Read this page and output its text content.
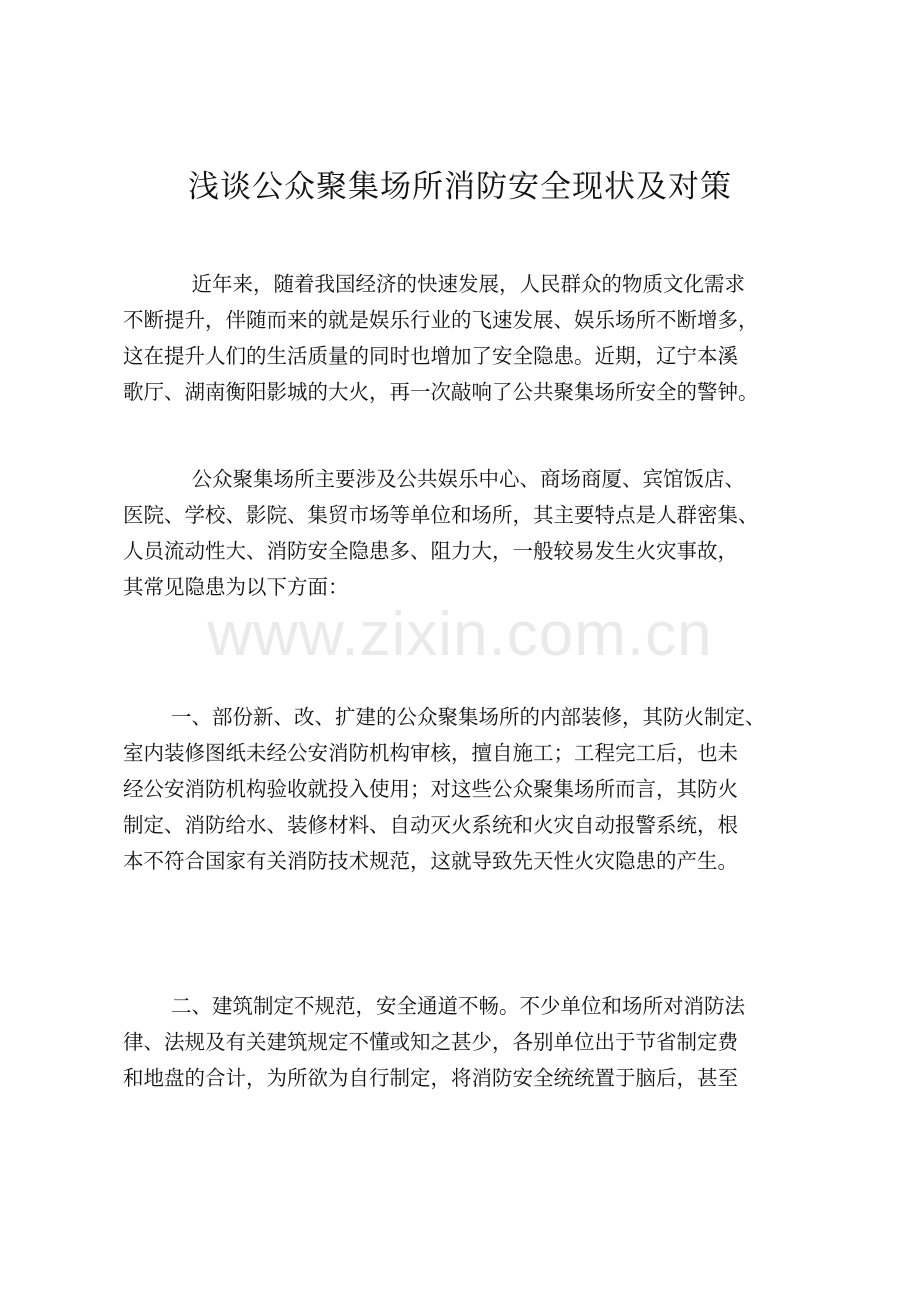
浅谈公众聚集场所消防安全现状及对策
　近年来，随着我国经济的快速发展，人民群众的物质文化需求
不断提升，伴随而来的就是娱乐行业的飞速发展、娱乐场所不断增多，
这在提升人们的生活质量的同时也增加了安全隐患。近期，辽宁本溪
歌厅、湖南衡阳影城的大火，再一次敲响了公共聚集场所安全的警钟。
　公众聚集场所主要涉及公共娱乐中心、商场商厦、宾馆饭店、
医院、学校、影院、集贸市场等单位和场所，其主要特点是人群密集、
人员流动性大、消防安全隐患多、阻力大，一般较易发生火灾事故，
其常见隐患为以下方面：
一、部份新、改、扩建的公众聚集场所的内部装修，其防火制定、
室内装修图纸未经公安消防机构审核，擅自施工；工程完工后，也未
经公安消防机构验收就投入使用；对这些公众聚集场所而言，其防火
制定、消防给水、装修材料、自动灭火系统和火灾自动报警系统，根
本不符合国家有关消防技术规范，这就导致先天性火灾隐患的产生。
二、建筑制定不规范，安全通道不畅。不少单位和场所对消防法
律、法规及有关建筑规定不懂或知之甚少，各别单位出于节省制定费
和地盘的合计，为所欲为自行制定，将消防安全统统置于脑后，甚至
www.zixin.com.cn
